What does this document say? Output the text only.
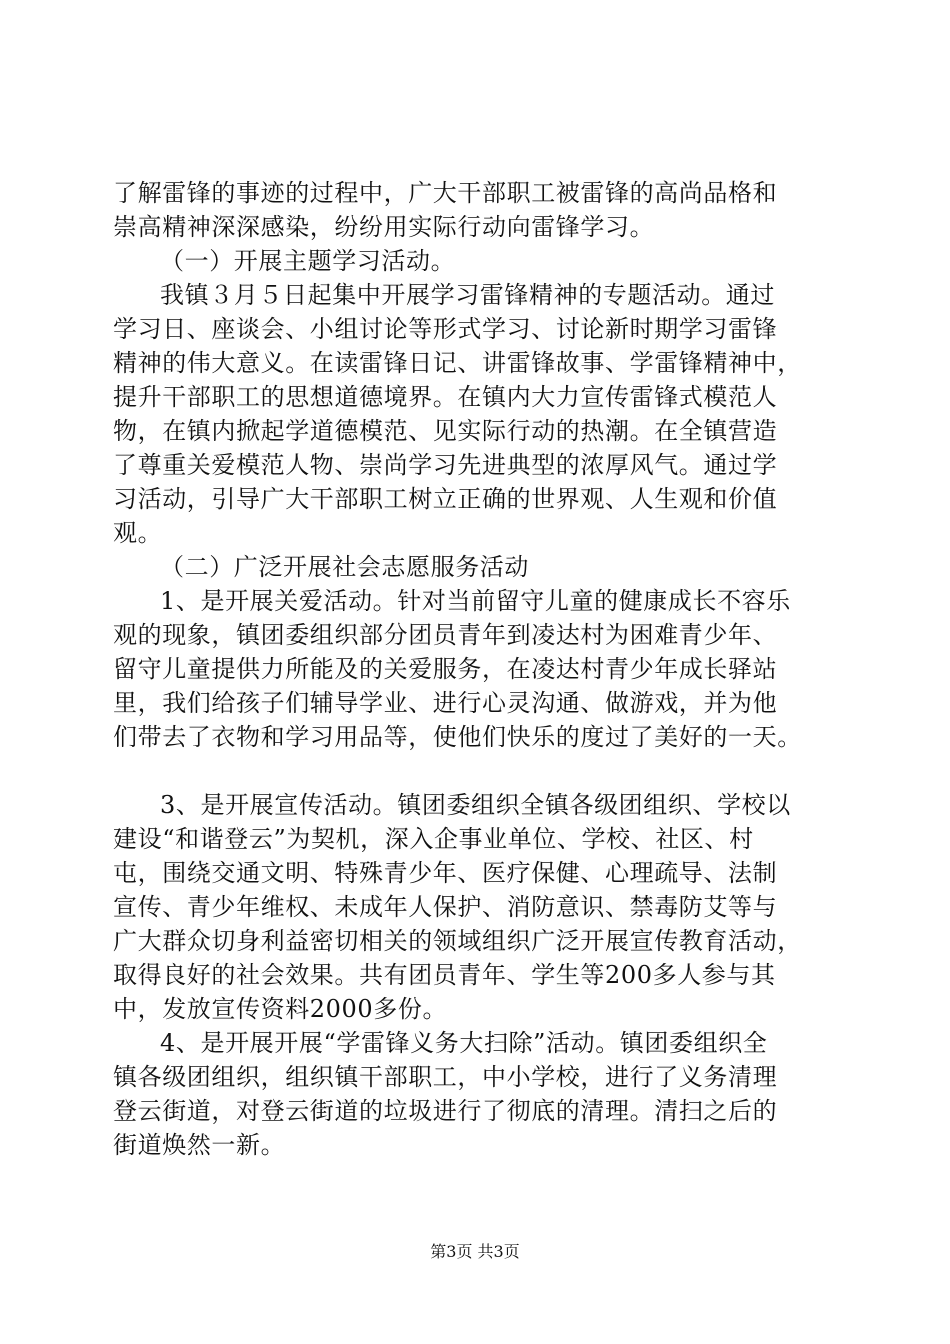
了解雷锋的事迹的过程中，广大干部职工被雷锋的高尚品格和
崇高精神深深感染，纷纷用实际行动向雷锋学习。
（一）开展主题学习活动。
我镇３月５日起集中开展学习雷锋精神的专题活动。通过
学习日、座谈会、小组讨论等形式学习、讨论新时期学习雷锋
精神的伟大意义。在读雷锋日记、讲雷锋故事、学雷锋精神中，
提升干部职工的思想道德境界。在镇内大力宣传雷锋式模范人
物，在镇内掀起学道德模范、见实际行动的热潮。在全镇营造
了尊重关爱模范人物、崇尚学习先进典型的浓厚风气。通过学
习活动，引导广大干部职工树立正确的世界观、人生观和价值
观。
（二）广泛开展社会志愿服务活动
1、是开展关爱活动。针对当前留守儿童的健康成长不容乐
观的现象，镇团委组织部分团员青年到凌达村为困难青少年、
留守儿童提供力所能及的关爱服务，在凌达村青少年成长驿站
里，我们给孩子们辅导学业、进行心灵沟通、做游戏，并为他
们带去了衣物和学习用品等，使他们快乐的度过了美好的一天。
3、是开展宣传活动。镇团委组织全镇各级团组织、学校以
建设“和谐登云”为契机，深入企事业单位、学校、社区、村
屯，围绕交通文明、特殊青少年、医疗保健、心理疏导、法制
宣传、青少年维权、未成年人保护、消防意识、禁毒防艾等与
广大群众切身利益密切相关的领域组织广泛开展宣传教育活动，
取得良好的社会效果。共有团员青年、学生等200多人参与其
中，发放宣传资料2000多份。
4、是开展开展“学雷锋义务大扫除”活动。镇团委组织全
镇各级团组织，组织镇干部职工，中小学校，进行了义务清理
登云街道，对登云街道的垃圾进行了彻底的清理。清扫之后的
街道焕然一新。
第3页 共3页
